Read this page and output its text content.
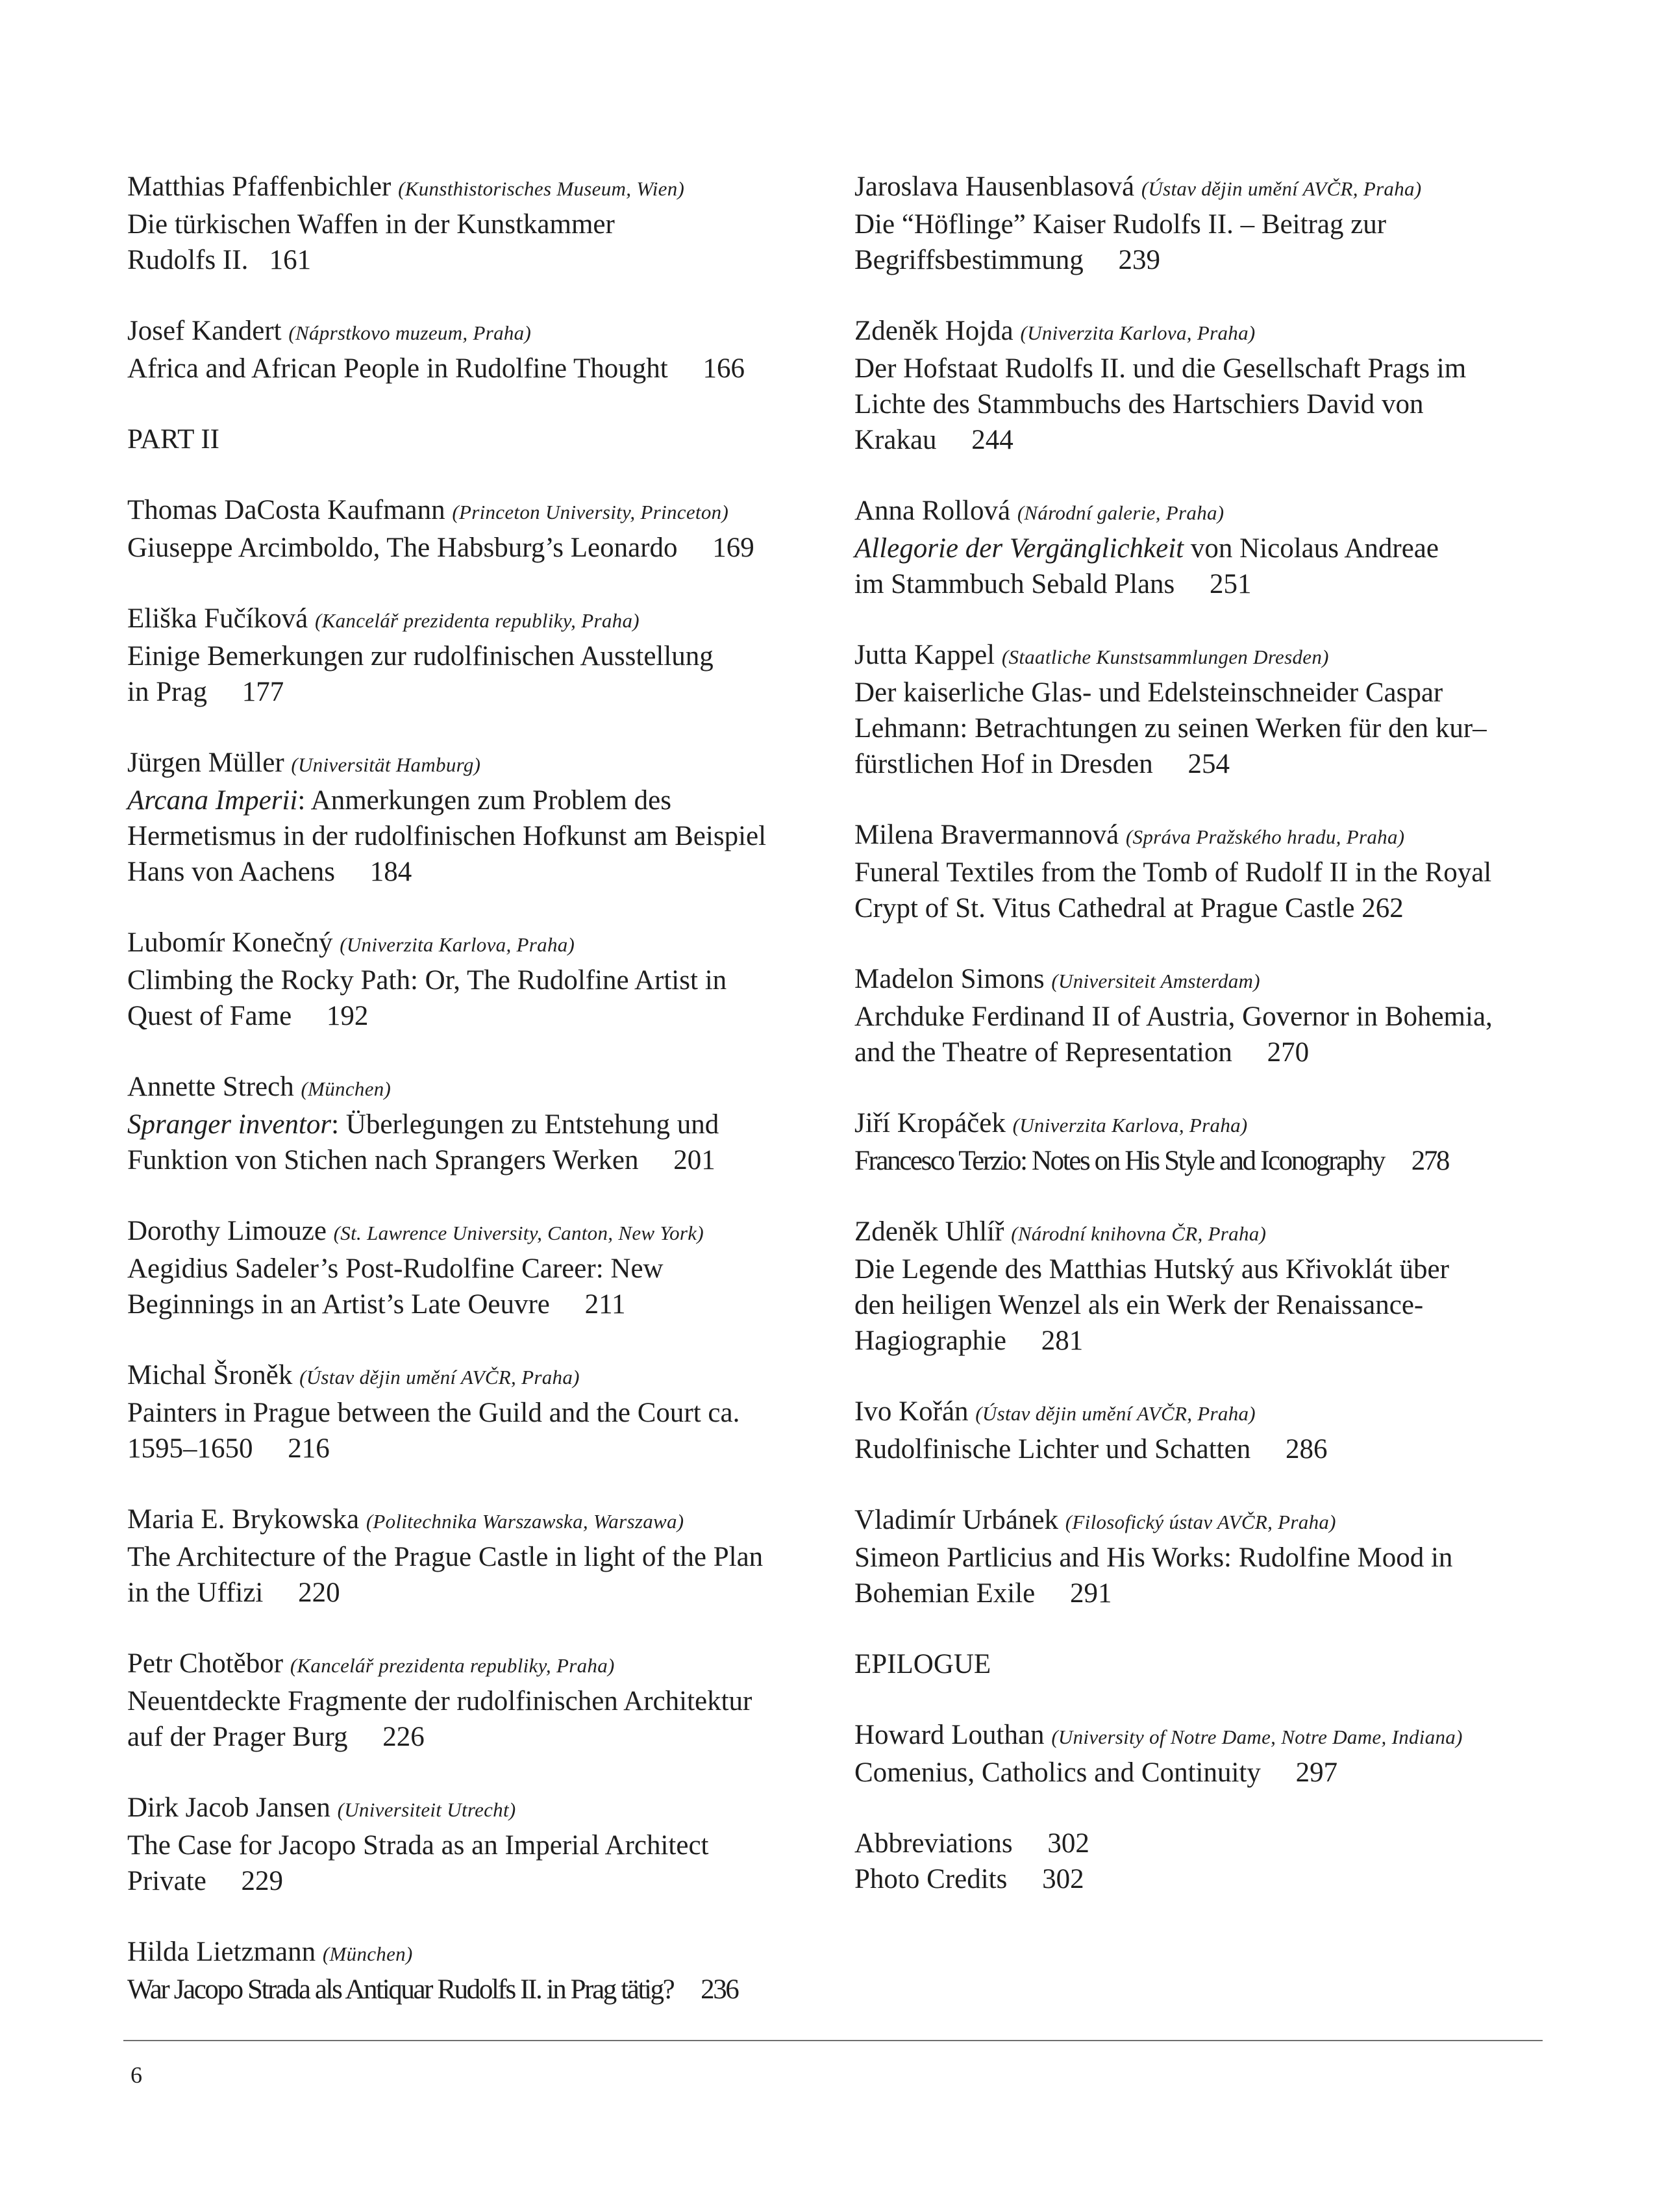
Matthias Pfaffenbichler (Kunsthistorisches Museum, Wien)
Die türkischen Waffen in der Kunstkammer
Rudolfs II.   161

Josef Kandert (Náprstkovo muzeum, Praha)
Africa and African People in Rudolfine Thought     166

PART II

Thomas DaCosta Kaufmann (Princeton University, Princeton)
Giuseppe Arcimboldo, The Habsburg’s Leonardo     169

Eliška Fučíková (Kancelář prezidenta republiky, Praha)
Einige Bemerkungen zur rudolfinischen Ausstellung
in Prag     177

Jürgen Müller (Universität Hamburg)
Arcana Imperii: Anmerkungen zum Problem des
Hermetismus in der rudolfinischen Hofkunst am Beispiel
Hans von Aachens     184

Lubomír Konečný (Univerzita Karlova, Praha)
Climbing the Rocky Path: Or, The Rudolfine Artist in
Quest of Fame     192

Annette Strech (München)
Spranger inventor: Überlegungen zu Entstehung und
Funktion von Stichen nach Sprangers Werken     201

Dorothy Limouze (St. Lawrence University, Canton, New York)
Aegidius Sadeler’s Post-Rudolfine Career: New
Beginnings in an Artist’s Late Oeuvre     211

Michal Šroněk (Ústav dějin umění AVČR, Praha)
Painters in Prague between the Guild and the Court ca.
1595–1650     216

Maria E. Brykowska (Politechnika Warszawska, Warszawa)
The Architecture of the Prague Castle in light of the Plan
in the Uffizi     220

Petr Chotěbor (Kancelář prezidenta republiky, Praha)
Neuentdeckte Fragmente der rudolfinischen Architektur
auf der Prager Burg     226

Dirk Jacob Jansen (Universiteit Utrecht)
The Case for Jacopo Strada as an Imperial Architect
Private     229

Hilda Lietzmann (München)
War Jacopo Strada als Antiquar Rudolfs II. in Prag tätig?     236

Jaroslava Hausenblasová (Ústav dějin umění AVČR, Praha)
Die “Höflinge” Kaiser Rudolfs II. – Beitrag zur
Begriffsbestimmung     239

Zdeněk Hojda (Univerzita Karlova, Praha)
Der Hofstaat Rudolfs II. und die Gesellschaft Prags im
Lichte des Stammbuchs des Hartschiers David von
Krakau     244

Anna Rollová (Národní galerie, Praha)
Allegorie der Vergänglichkeit von Nicolaus Andreae
im Stammbuch Sebald Plans     251

Jutta Kappel (Staatliche Kunstsammlungen Dresden)
Der kaiserliche Glas- und Edelsteinschneider Caspar
Lehmann: Betrachtungen zu seinen Werken für den kur–
fürstlichen Hof in Dresden     254

Milena Bravermannová (Správa Pražského hradu, Praha)
Funeral Textiles from the Tomb of Rudolf II in the Royal
Crypt of St. Vitus Cathedral at Prague Castle 262

Madelon Simons (Universiteit Amsterdam)
Archduke Ferdinand II of Austria, Governor in Bohemia,
and the Theatre of Representation     270

Jiří Kropáček (Univerzita Karlova, Praha)
Francesco Terzio: Notes on His Style and Iconography     278

Zdeněk Uhlíř (Národní knihovna ČR, Praha)
Die Legende des Matthias Hutský aus Křivoklát über
den heiligen Wenzel als ein Werk der Renaissance-
Hagiographie     281

Ivo Kořán (Ústav dějin umění AVČR, Praha)
Rudolfinische Lichter und Schatten     286

Vladimír Urbánek (Filosofický ústav AVČR, Praha)
Simeon Partlicius and His Works: Rudolfine Mood in
Bohemian Exile     291

EPILOGUE

Howard Louthan (University of Notre Dame, Notre Dame, Indiana)
Comenius, Catholics and Continuity     297

Abbreviations     302

Photo Credits     302

6
